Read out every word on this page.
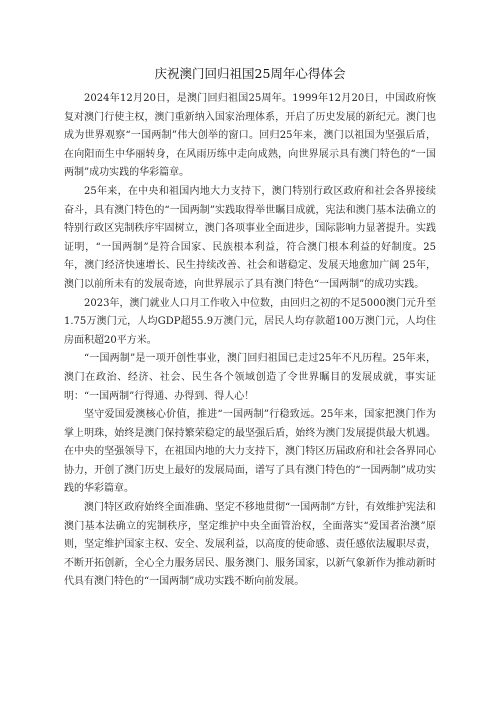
庆祝澳门回归祖国25周年心得体会

2024年12月20日，是澳门回归祖国25周年。1999年12月20日，中国政府恢复对澳门行使主权，澳门重新纳入国家治理体系，开启了历史发展的新纪元。澳门也成为世界观察“一国两制”伟大创举的窗口。回归25年来，澳门以祖国为坚强后盾，在向阳而生中华丽转身，在风雨历练中走向成熟，向世界展示具有澳门特色的“一国两制”成功实践的华彩篇章。

25年来，在中央和祖国内地大力支持下，澳门特别行政区政府和社会各界接续奋斗，具有澳门特色的“一国两制”实践取得举世瞩目成就，宪法和澳门基本法确立的特别行政区宪制秩序牢固树立，澳门各项事业全面进步，国际影响力显著提升。实践证明，“一国两制”是符合国家、民族根本利益，符合澳门根本利益的好制度。25年，澳门经济快速增长、民生持续改善、社会和谐稳定、发展天地愈加广阔 25年，澳门以前所未有的发展奇迹，向世界展示了具有澳门特色“一国两制”的成功实践。

2023年，澳门就业人口月工作收入中位数，由回归之初的不足5000澳门元升至1.75万澳门元，人均GDP超55.9万澳门元，居民人均存款超100万澳门元，人均住房面积超20平方米。

“一国两制”是一项开创性事业，澳门回归祖国已走过25年不凡历程。25年来，澳门在政治、经济、社会、民生各个领域创造了令世界瞩目的发展成就，事实证明：“一国两制”行得通、办得到、得人心！

坚守爱国爱澳核心价值，推进“一国两制”行稳致远。25年来，国家把澳门作为掌上明珠，始终是澳门保持繁荣稳定的最坚强后盾，始终为澳门发展提供最大机遇。在中央的坚强领导下，在祖国内地的大力支持下，澳门特区历届政府和社会各界同心协力，开创了澳门历史上最好的发展局面，谱写了具有澳门特色的“一国两制”成功实践的华彩篇章。

澳门特区政府始终全面准确、坚定不移地贯彻“一国两制”方针，有效维护宪法和澳门基本法确立的宪制秩序，坚定维护中央全面管治权，全面落实“爱国者治澳”原则，坚定维护国家主权、安全、发展利益，以高度的使命感、责任感依法履职尽责，不断开拓创新，全心全力服务居民、服务澳门、服务国家，以新气象新作为推动新时代具有澳门特色的“一国两制”成功实践不断向前发展。
